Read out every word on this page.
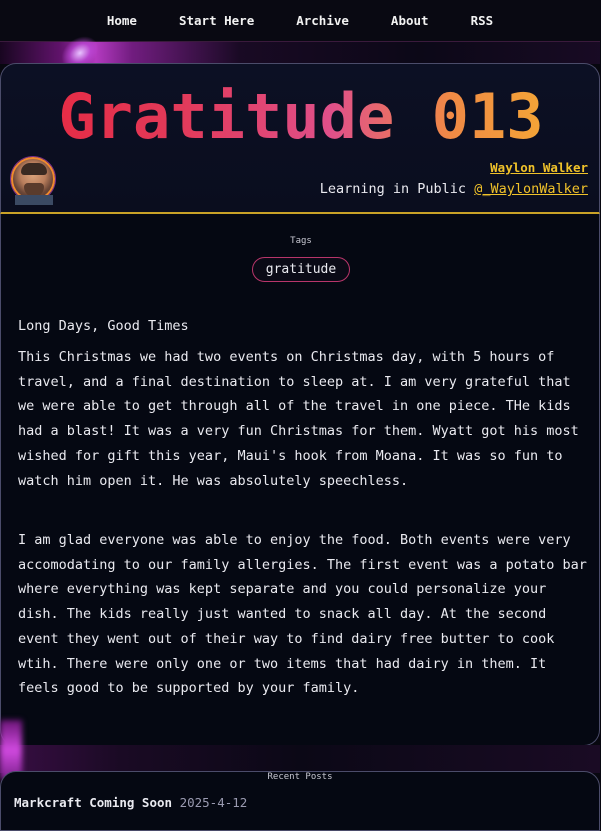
Home	Start Here	Archive	About	RSS
Gratitude 013
Waylon Walker
Learning in Public @_WaylonWalker
Tags
gratitude

Long Days, Good Times

This Christmas we had two events on Christmas day, with 5 hours of travel, and a final destination to sleep at. I am very grateful that we were able to get through all of the travel in one piece. THe kids had a blast! It was a very fun Christmas for them. Wyatt got his most wished for gift this year, Maui's hook from Moana. It was so fun to watch him open it. He was absolutely speechless.

I am glad everyone was able to enjoy the food. Both events were very accomodating to our family allergies. The first event was a potato bar where everything was kept separate and you could personalize your dish. The kids really just wanted to snack all day. At the second event they went out of their way to find dairy free butter to cook wtih. There were only one or two items that had dairy in them. It feels good to be supported by your family.

Recent Posts
Markcraft Coming Soon 2025-4-12
